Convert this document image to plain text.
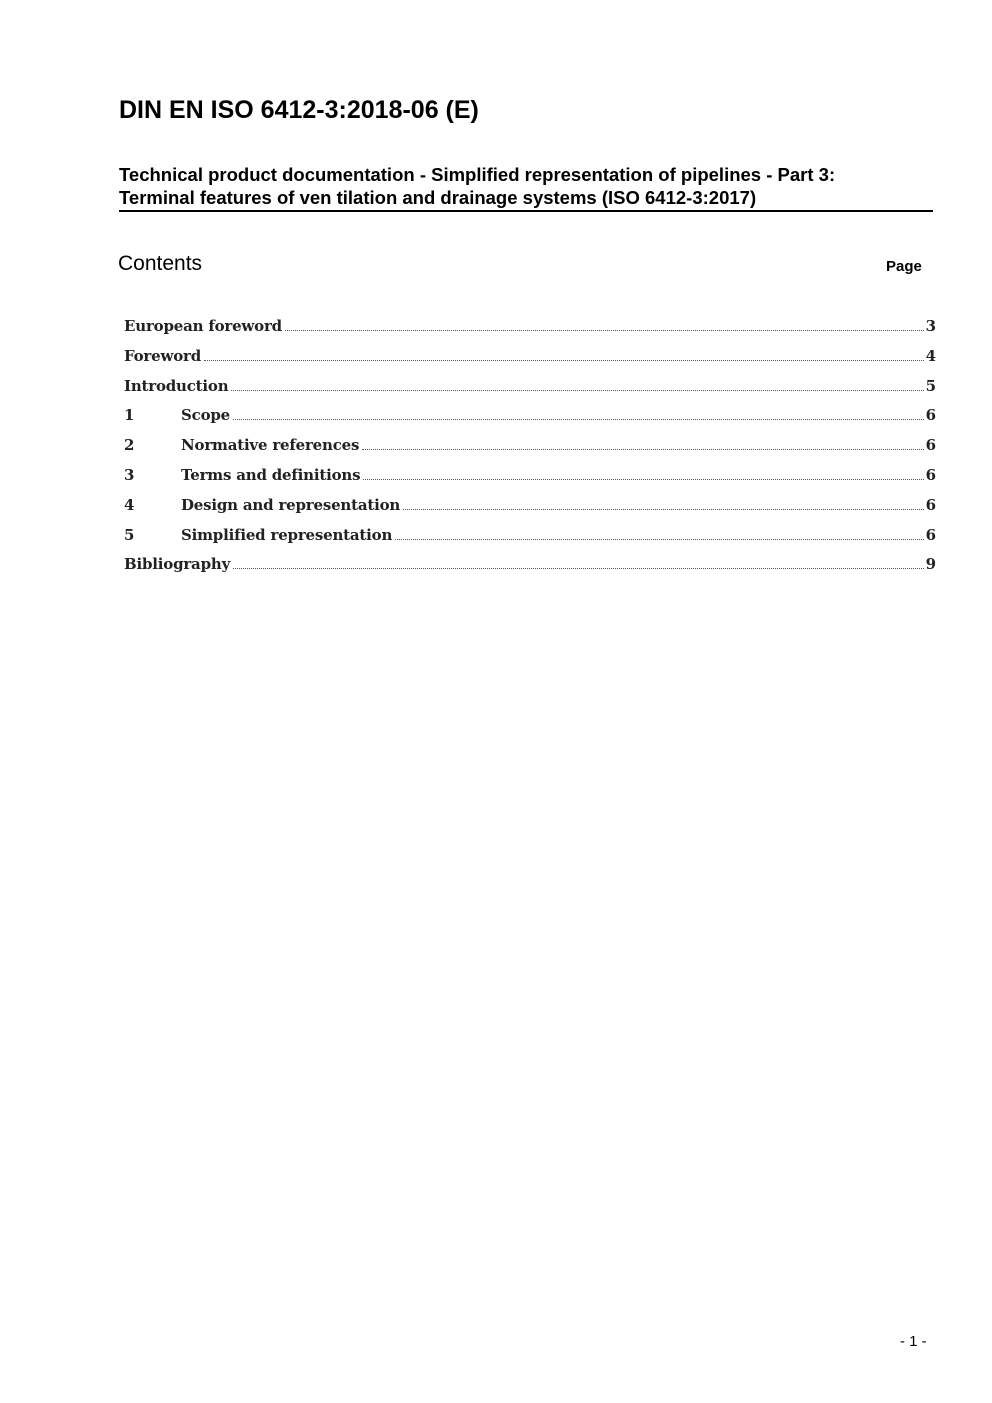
DIN EN ISO 6412-3:2018-06 (E)
Technical product documentation - Simplified representation of pipelines - Part 3:
Terminal features of ven tilation and drainage systems (ISO 6412-3:2017)
Contents	Page
European foreword	3
Foreword	4
Introduction	5
1	Scope	6
2	Normative references	6
3	Terms and definitions	6
4	Design and representation	6
5	Simplified representation	6
Bibliography	9
- 1 -
